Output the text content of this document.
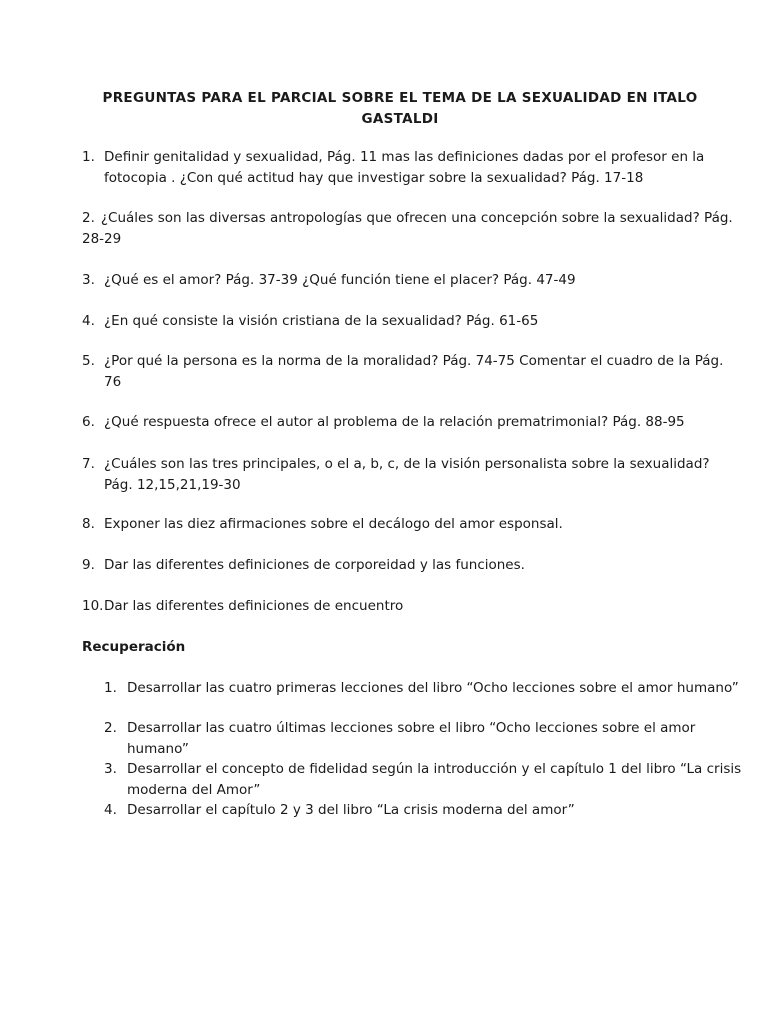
PREGUNTAS PARA EL PARCIAL SOBRE EL TEMA DE LA SEXUALIDAD EN ITALO GASTALDI
1. Definir genitalidad y sexualidad, Pág. 11 mas las definiciones dadas por el profesor en la fotocopia . ¿Con qué actitud hay que investigar sobre la sexualidad? Pág. 17-18
2. ¿Cuáles son las diversas antropologías que ofrecen una concepción sobre la sexualidad? Pág. 28-29
3. ¿Qué es el amor? Pág. 37-39 ¿Qué función tiene el placer? Pág. 47-49
4. ¿En qué consiste la visión cristiana de la sexualidad? Pág. 61-65
5. ¿Por qué la persona es la norma de la moralidad? Pág. 74-75 Comentar el cuadro de la Pág. 76
6. ¿Qué respuesta ofrece el autor al problema de la relación prematrimonial? Pág. 88-95
7. ¿Cuáles son las tres principales, o el a, b, c, de la visión personalista sobre la sexualidad? Pág. 12,15,21,19-30
8. Exponer las diez afirmaciones sobre el decálogo del amor esponsal.
9. Dar las diferentes definiciones de corporeidad y las funciones.
10. Dar las diferentes definiciones de encuentro
Recuperación
1. Desarrollar las cuatro primeras lecciones del libro “Ocho lecciones sobre el amor humano”
2. Desarrollar las cuatro últimas lecciones sobre el libro “Ocho lecciones sobre el amor humano”
3. Desarrollar el concepto de fidelidad según la introducción y el capítulo 1 del libro “La crisis moderna del Amor”
4. Desarrollar el capítulo 2 y 3 del libro “La crisis moderna del amor”
